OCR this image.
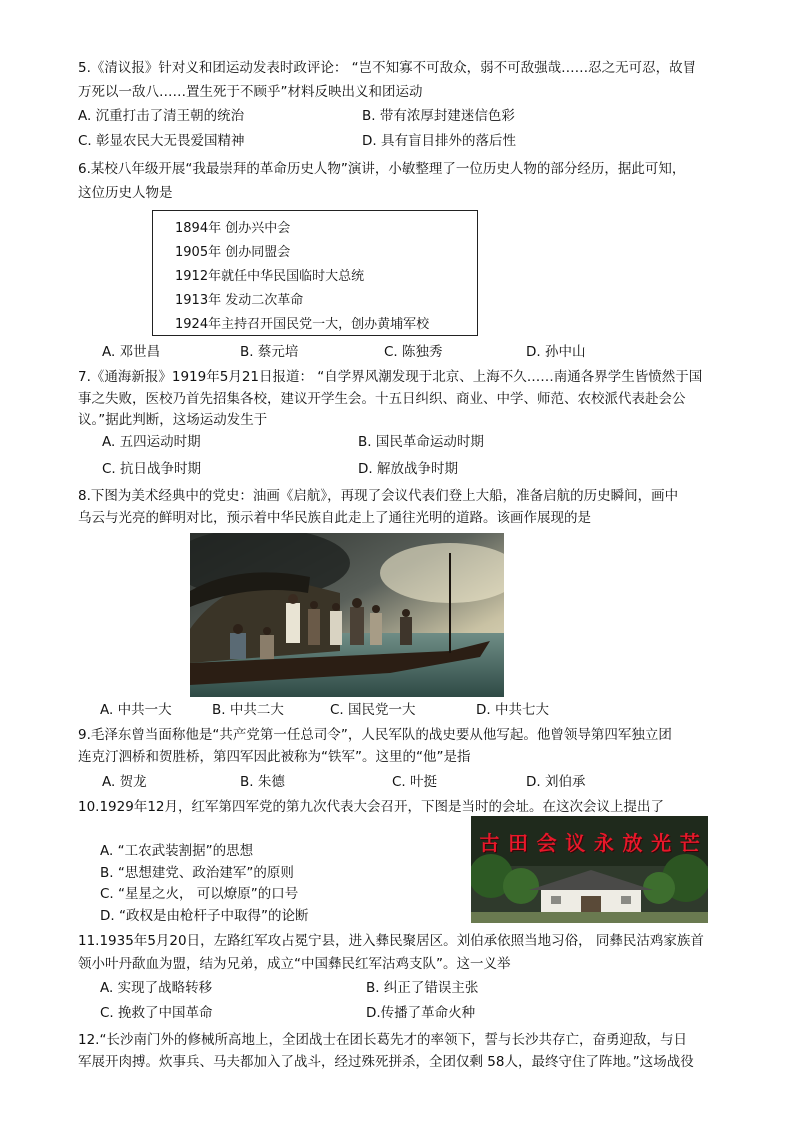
5.《清议报》针对义和团运动发表时政评论： “岂不知寡不可敌众，弱不可敌强哉……忍之无可忍，故冒
万死以一敌八……置生死于不顾乎”材料反映出义和团运动
A. 沉重打击了清王朝的统治	B. 带有浓厚封建迷信色彩
C. 彰显农民大无畏爱国精神	D. 具有盲目排外的落后性
6.某校八年级开展“我最崇拜的革命历史人物”演讲，小敏整理了一位历史人物的部分经历，据此可知，
这位历史人物是
1894年 创办兴中会
1905年 创办同盟会
1912年就任中华民国临时大总统
1913年 发动二次革命
1924年主持召开国民党一大，创办黄埔军校
A. 邓世昌	B. 蔡元培	C. 陈独秀	D. 孙中山
7.《通海新报》1919年5月21日报道： “自学界风潮发现于北京、上海不久……南通各界学生皆愤然于国
事之失败，医校乃首先招集各校，建议开学生会。十五日纠织、商业、中学、师范、农校派代表赴会公
议。”据此判断，这场运动发生于
A. 五四运动时期	B. 国民革命运动时期
C. 抗日战争时期	D. 解放战争时期
8.下图为美术经典中的党史：油画《启航》，再现了会议代表们登上大船，准备启航的历史瞬间，画中
乌云与光亮的鲜明对比，预示着中华民族自此走上了通往光明的道路。该画作展现的是
A. 中共一大	B. 中共二大	C. 国民党一大	D. 中共七大
9.毛泽东曾当面称他是“共产党第一任总司令”，人民军队的战史要从他写起。他曾领导第四军独立团
连克汀泗桥和贺胜桥，第四军因此被称为“铁军”。这里的“他”是指
A. 贺龙	B. 朱德	C. 叶挺	D. 刘伯承
10.1929年12月，红军第四军党的第九次代表大会召开，下图是当时的会址。在这次会议上提出了
古 田 会 议 永 放 光 芒
A. “工农武装割据”的思想
B. “思想建党、政治建军”的原则
C. “星星之火， 可以燎原”的口号
D. “政权是由枪杆子中取得”的论断
11.1935年5月20日，左路红军攻占冕宁县，进入彝民聚居区。刘伯承依照当地习俗， 同彝民沽鸡家族首
领小叶丹歃血为盟，结为兄弟，成立“中国彝民红军沽鸡支队”。这一义举
A. 实现了战略转移	B. 纠正了错误主张
C. 挽救了中国革命	D.传播了革命火种
12.“长沙南门外的修械所高地上，全团战士在团长葛先才的率领下，誓与长沙共存亡，奋勇迎敌，与日
军展开肉搏。炊事兵、马夫都加入了战斗，经过殊死拼杀，全团仅剩 58人，最终守住了阵地。”这场战役
